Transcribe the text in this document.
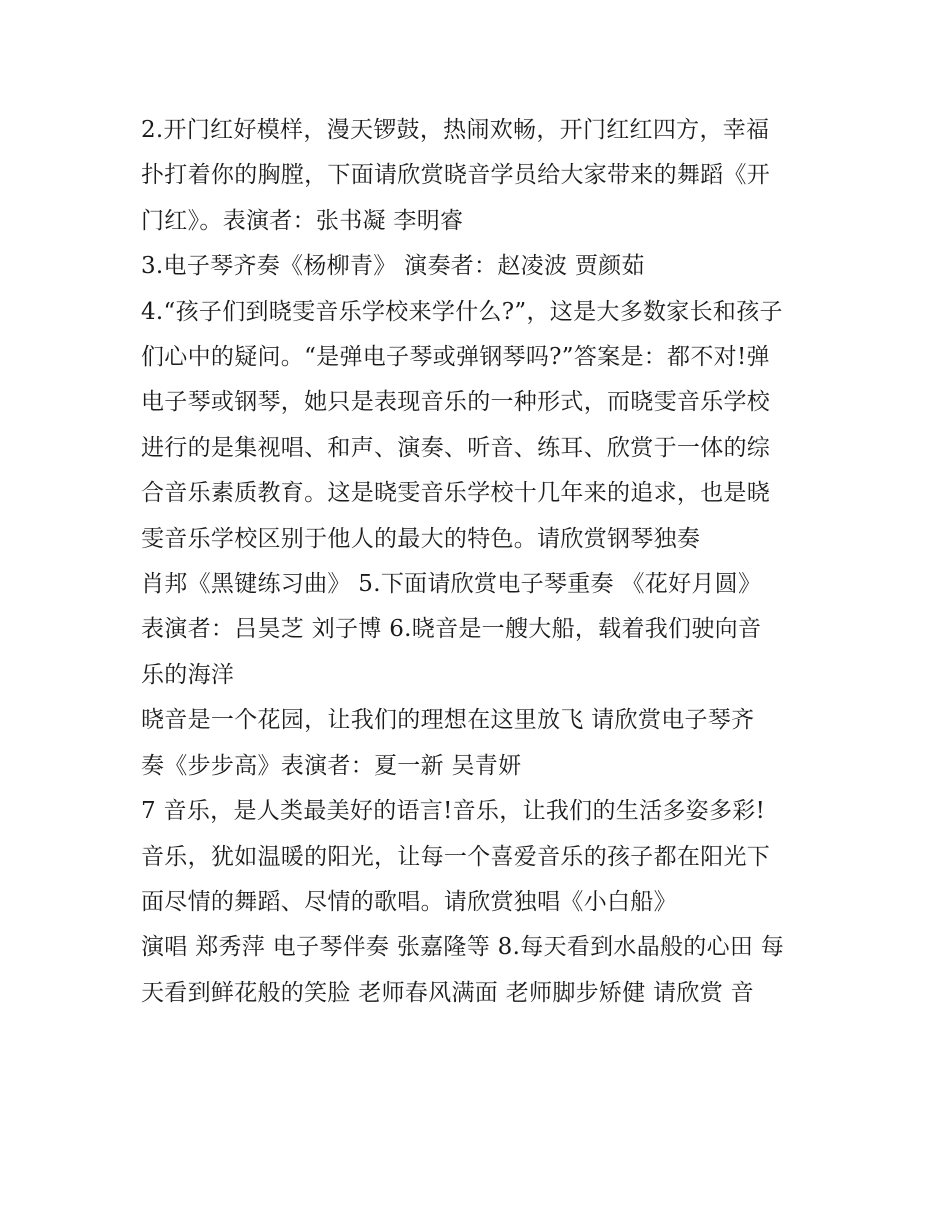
2.开门红好模样，漫天锣鼓，热闹欢畅，开门红红四方，幸福

扑打着你的胸膛，下面请欣赏晓音学员给大家带来的舞蹈《开

门红》。表演者：张书凝 李明睿

3.电子琴齐奏《杨柳青》 演奏者：赵凌波 贾颜茹

4.“孩子们到晓雯音乐学校来学什么?”，这是大多数家长和孩子

们心中的疑问。“是弹电子琴或弹钢琴吗?”答案是：都不对!弹

电子琴或钢琴，她只是表现音乐的一种形式，而晓雯音乐学校

进行的是集视唱、和声、演奏、听音、练耳、欣赏于一体的综

合音乐素质教育。这是晓雯音乐学校十几年来的追求，也是晓

雯音乐学校区别于他人的最大的特色。请欣赏钢琴独奏

肖邦《黑键练习曲》 5.下面请欣赏电子琴重奏 《花好月圆》

表演者：吕昊芝 刘子博 6.晓音是一艘大船，载着我们驶向音

乐的海洋

晓音是一个花园，让我们的理想在这里放飞 请欣赏电子琴齐

奏《步步高》表演者：夏一新 吴青妍

7 音乐，是人类最美好的语言!音乐，让我们的生活多姿多彩!

音乐，犹如温暖的阳光，让每一个喜爱音乐的孩子都在阳光下

面尽情的舞蹈、尽情的歌唱。请欣赏独唱《小白船》

演唱 郑秀萍 电子琴伴奏 张嘉隆等 8.每天看到水晶般的心田 每

天看到鲜花般的笑脸 老师春风满面 老师脚步矫健 请欣赏 音
